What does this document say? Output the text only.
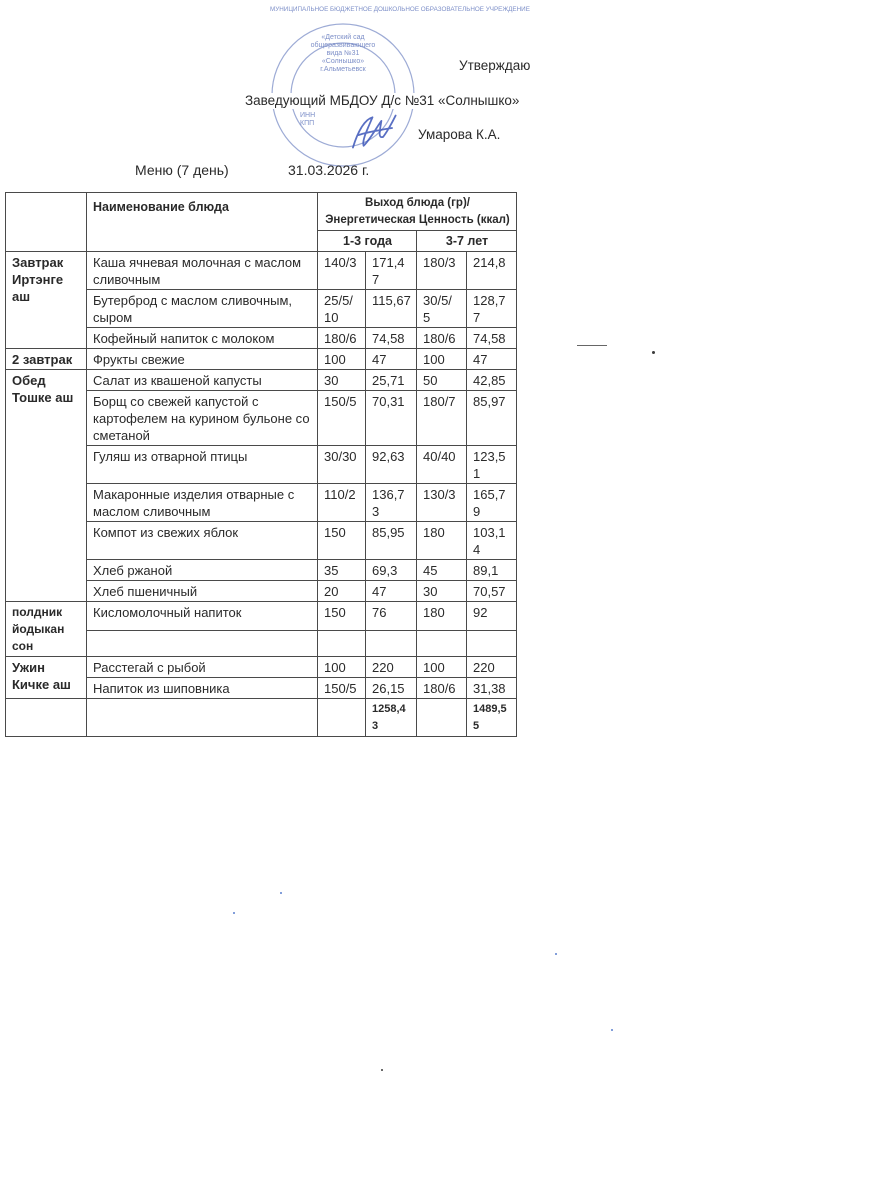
МУНИЦИПАЛЬНОЕ БЮДЖЕТНОЕ ДОШКОЛЬНОЕ ОБРАЗОВАТЕЛЬНОЕ УЧРЕЖДЕНИЕ
«Детский сад
общеразвивающего
вида №31
«Солнышко»
г.Альметьевск
ИНН
КПП
Утверждаю
Заведующий МБДОУ Д/с №31 «Солнышко»
Умарова К.А.
Меню (7 день)	31.03.2026 г.
	Наименование блюда	Выход блюда (гр)/Энергетическая Ценность (ккал)			
		1-3 года		3-7 лет	
Завтрак Иртэнге аш	Каша ячневая молочная с маслом сливочным	140/3	171,47	180/3	214,8
	Бутерброд с маслом сливочным, сыром	25/5/ 10	115,67	30/5/ 5	128,77
	Кофейный напиток с молоком	180/6	74,58	180/6	74,58
2 завтрак	Фрукты свежие	100	47	100	47
Обед Тошке аш	Салат из квашеной капусты	30	25,71	50	42,85
	Борщ со свежей капустой с картофелем на курином бульоне со сметаной	150/5	70,31	180/7	85,97
	Гуляш из отварной птицы	30/30	92,63	40/40	123,51
	Макаронные изделия отварные с маслом сливочным	110/2	136,73	130/3	165,79
	Компот из свежих яблок	150	85,95	180	103,14
	Хлеб ржаной	35	69,3	45	89,1
	Хлеб пшеничный	20	47	30	70,57
полдник йодыкан сон	Кисломолочный напиток	150	76	180	92

Ужин Кичке аш	Расстегай с рыбой	100	220	100	220
	Напиток из шиповника	150/5	26,15	180/6	31,38
			1258,43		1489,55
